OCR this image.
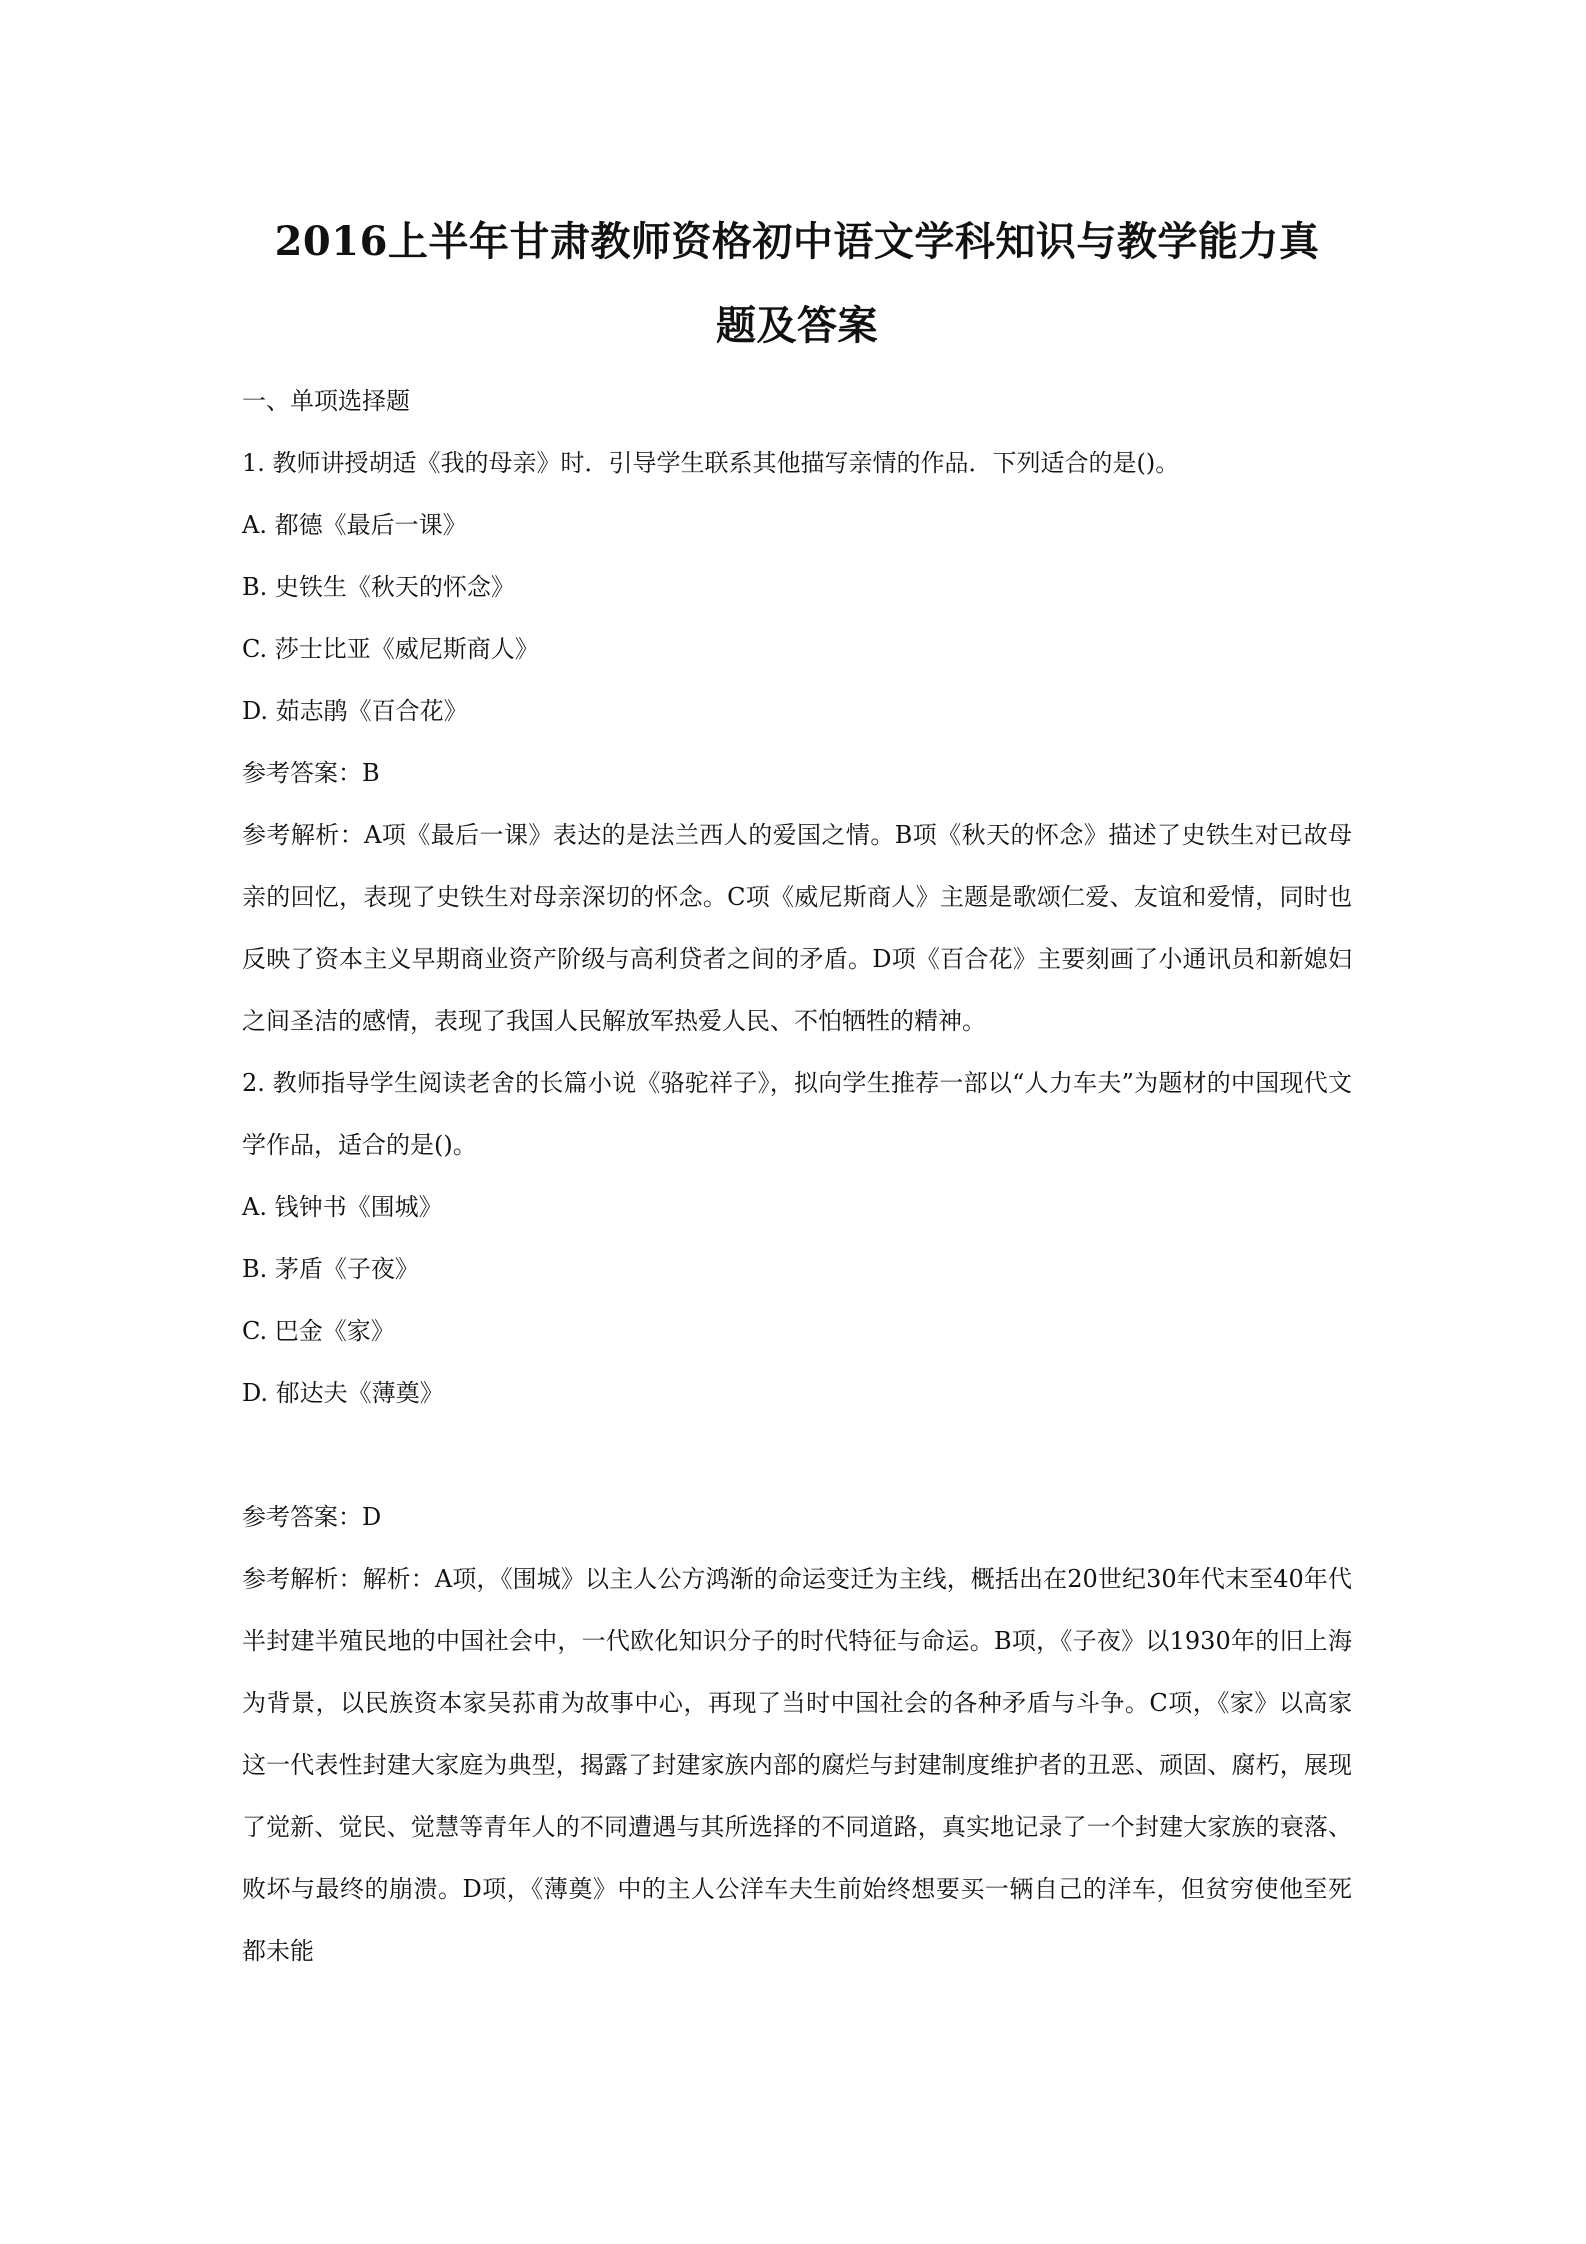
2016上半年甘肃教师资格初中语文学科知识与教学能力真
题及答案

一、单项选择题

1. 教师讲授胡适《我的母亲》时．引导学生联系其他描写亲情的作品．下列适合的是()。

A. 都德《最后一课》

B. 史铁生《秋天的怀念》

C. 莎士比亚《威尼斯商人》

D. 茹志鹃《百合花》

参考答案：B

参考解析：A项《最后一课》表达的是法兰西人的爱国之情。B项《秋天的怀念》描述了史铁生对已故母亲的回忆，表现了史铁生对母亲深切的怀念。C项《威尼斯商人》主题是歌颂仁爱、友谊和爱情，同时也反映了资本主义早期商业资产阶级与高利贷者之间的矛盾。D项《百合花》主要刻画了小通讯员和新媳妇之间圣洁的感情，表现了我国人民解放军热爱人民、不怕牺牲的精神。

2. 教师指导学生阅读老舍的长篇小说《骆驼祥子》，拟向学生推荐一部以“人力车夫”为题材的中国现代文学作品，适合的是()。

A. 钱钟书《围城》

B. 茅盾《子夜》

C. 巴金《家》

D. 郁达夫《薄奠》

参考答案：D

参考解析：解析：A项，《围城》以主人公方鸿渐的命运变迁为主线，概括出在20世纪30年代末至40年代半封建半殖民地的中国社会中，一代欧化知识分子的时代特征与命运。B项，《子夜》以1930年的旧上海为背景，以民族资本家吴荪甫为故事中心，再现了当时中国社会的各种矛盾与斗争。C项，《家》以高家这一代表性封建大家庭为典型，揭露了封建家族内部的腐烂与封建制度维护者的丑恶、顽固、腐朽，展现了觉新、觉民、觉慧等青年人的不同遭遇与其所选择的不同道路，真实地记录了一个封建大家族的衰落、败坏与最终的崩溃。D项，《薄奠》中的主人公洋车夫生前始终想要买一辆自己的洋车，但贫穷使他至死都未能
